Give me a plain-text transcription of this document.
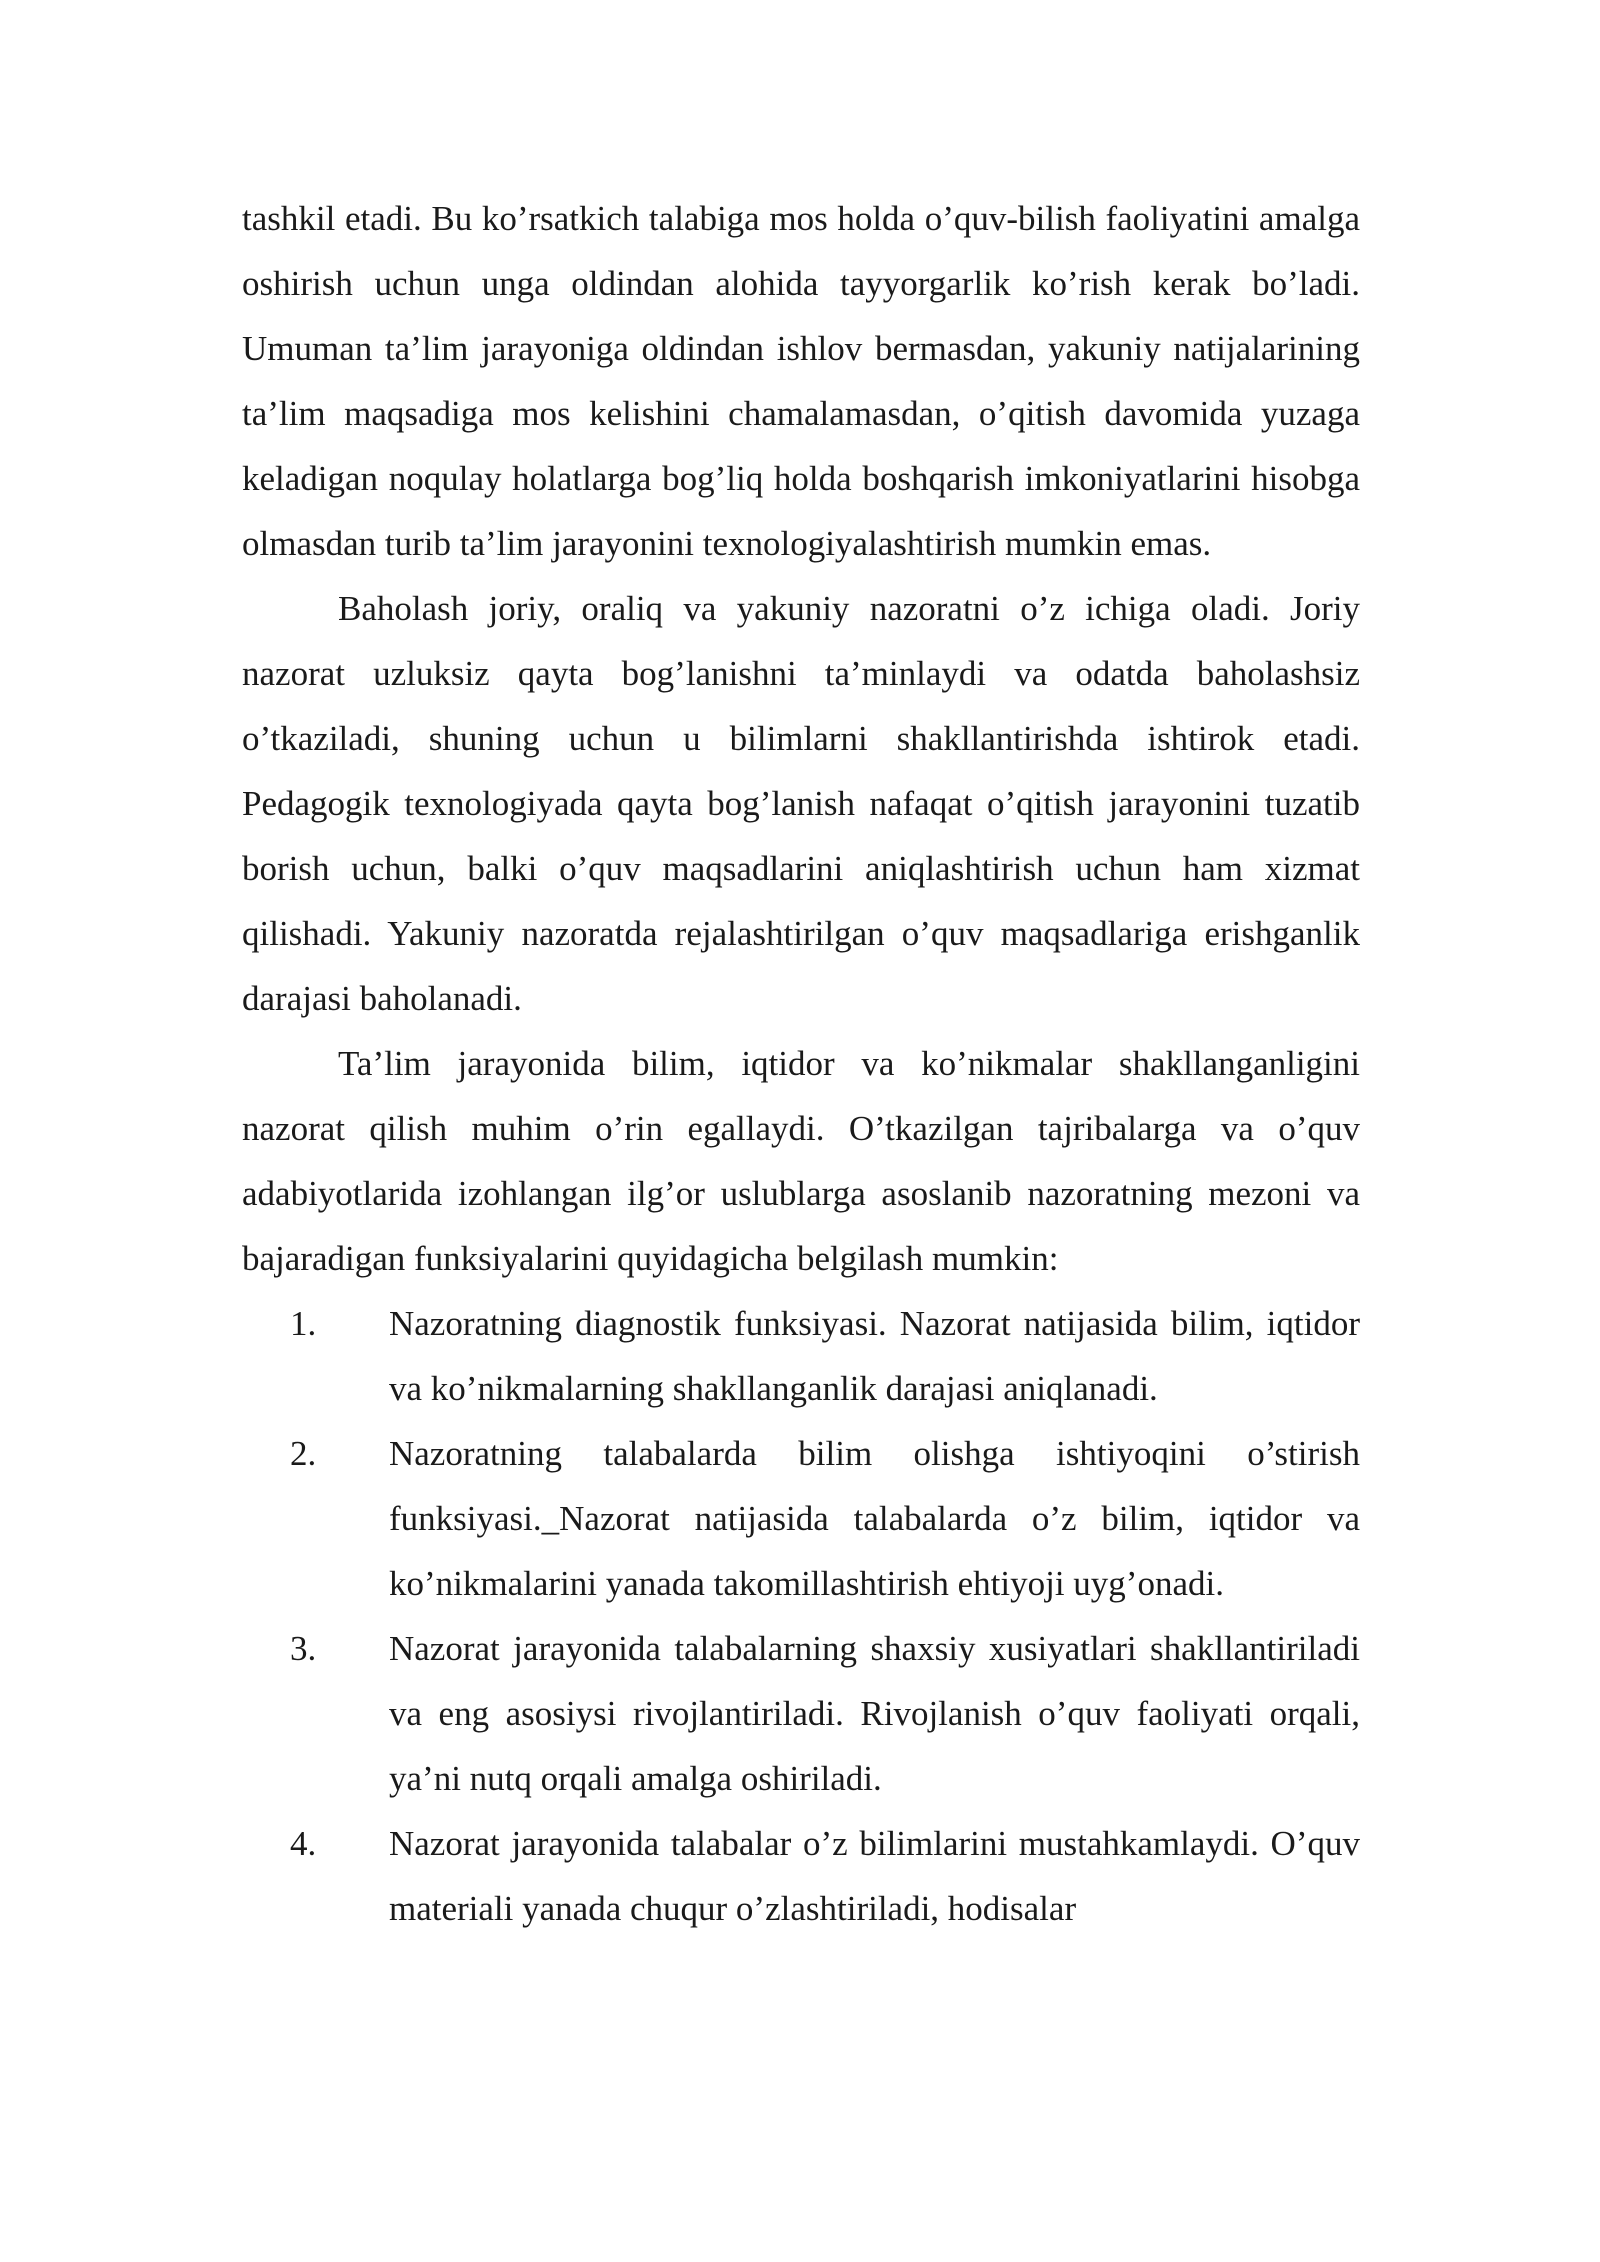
tashkil etadi. Bu ko’rsatkich talabiga mos holda o’quv-bilish faoliyatini amalga oshirish uchun unga oldindan alohida tayyorgarlik ko’rish kerak bo’ladi. Umuman ta’lim jarayoniga oldindan ishlov bermasdan, yakuniy natijalarining ta’lim maqsadiga mos kelishini chamalamasdan, o’qitish davomida yuzaga keladigan noqulay holatlarga bog’liq holda boshqarish imkoniyatlarini hisobga olmasdan turib ta’lim jarayonini texnologiyalashtirish mumkin emas.

Baholash joriy, oraliq va yakuniy nazoratni o’z ichiga oladi. Joriy nazorat uzluksiz qayta bog’lanishni ta’minlaydi va odatda baholashsiz o’tkaziladi, shuning uchun u bilimlarni shakllantirishda ishtirok etadi. Pedagogik texnologiyada qayta bog’lanish nafaqat o’qitish jarayonini tuzatib borish uchun, balki o’quv maqsadlarini aniqlashtirish uchun ham xizmat qilishadi. Yakuniy nazoratda rejalashtirilgan o’quv maqsadlariga erishganlik darajasi baholanadi.

Ta’lim jarayonida bilim, iqtidor va ko’nikmalar shakllanganligini nazorat qilish muhim o’rin egallaydi. O’tkazilgan tajribalarga va o’quv adabiyotlarida izohlangan ilg’or uslublarga asoslanib nazoratning mezoni va bajaradigan funksiyalarini quyidagicha belgilash mumkin:

1. Nazoratning diagnostik funksiyasi. Nazorat natijasida bilim, iqtidor va ko’nikmalarning shakllanganlik darajasi aniqlanadi.
2. Nazoratning talabalarda bilim olishga ishtiyoqini o’stirish funksiyasi._Nazorat natijasida talabalarda o’z bilim, iqtidor va ko’nikmalarini yanada takomillashtirish ehtiyoji uyg’onadi.
3. Nazorat jarayonida talabalarning shaxsiy xusiyatlari shakllantiriladi va eng asosiysi rivojlantiriladi. Rivojlanish o’quv faoliyati orqali, ya’ni nutq orqali amalga oshiriladi.
4. Nazorat jarayonida talabalar o’z bilimlarini mustahkamlaydi. O’quv materiali yanada chuqur o’zlashtiriladi, hodisalar
